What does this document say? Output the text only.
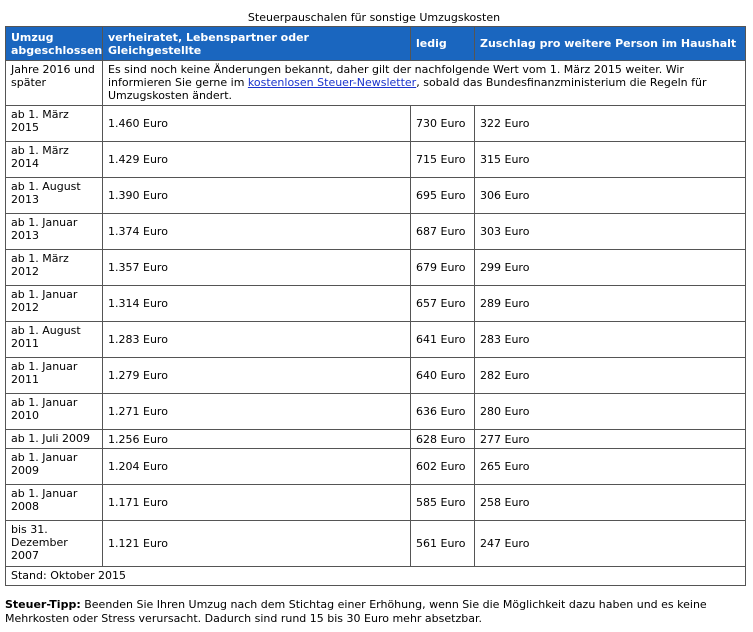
Steuerpauschalen für sonstige Umzugskosten
Umzug abgeschlossen	verheiratet, Lebenspartner oder Gleichgestellte	ledig	Zuschlag pro weitere Person im Haushalt
Jahre 2016 und später	Es sind noch keine Änderungen bekannt, daher gilt der nachfolgende Wert vom 1. März 2015 weiter. Wir informieren Sie gerne im kostenlosen Steuer-Newsletter, sobald das Bundesfinanzministerium die Regeln für Umzugskosten ändert.		
ab 1. März 2015	1.460 Euro	730 Euro	322 Euro
ab 1. März 2014	1.429 Euro	715 Euro	315 Euro
ab 1. August 2013	1.390 Euro	695 Euro	306 Euro
ab 1. Januar 2013	1.374 Euro	687 Euro	303 Euro
ab 1. März 2012	1.357 Euro	679 Euro	299 Euro
ab 1. Januar 2012	1.314 Euro	657 Euro	289 Euro
ab 1. August 2011	1.283 Euro	641 Euro	283 Euro
ab 1. Januar 2011	1.279 Euro	640 Euro	282 Euro
ab 1. Januar 2010	1.271 Euro	636 Euro	280 Euro
ab 1. Juli 2009	1.256 Euro	628 Euro	277 Euro
ab 1. Januar 2009	1.204 Euro	602 Euro	265 Euro
ab 1. Januar 2008	1.171 Euro	585 Euro	258 Euro
bis 31. Dezember 2007	1.121 Euro	561 Euro	247 Euro
Stand: Oktober 2015			
Steuer-Tipp: Beenden Sie Ihren Umzug nach dem Stichtag einer Erhöhung, wenn Sie die Möglichkeit dazu haben und es keine Mehrkosten oder Stress verursacht. Dadurch sind rund 15 bis 30 Euro mehr absetzbar.
